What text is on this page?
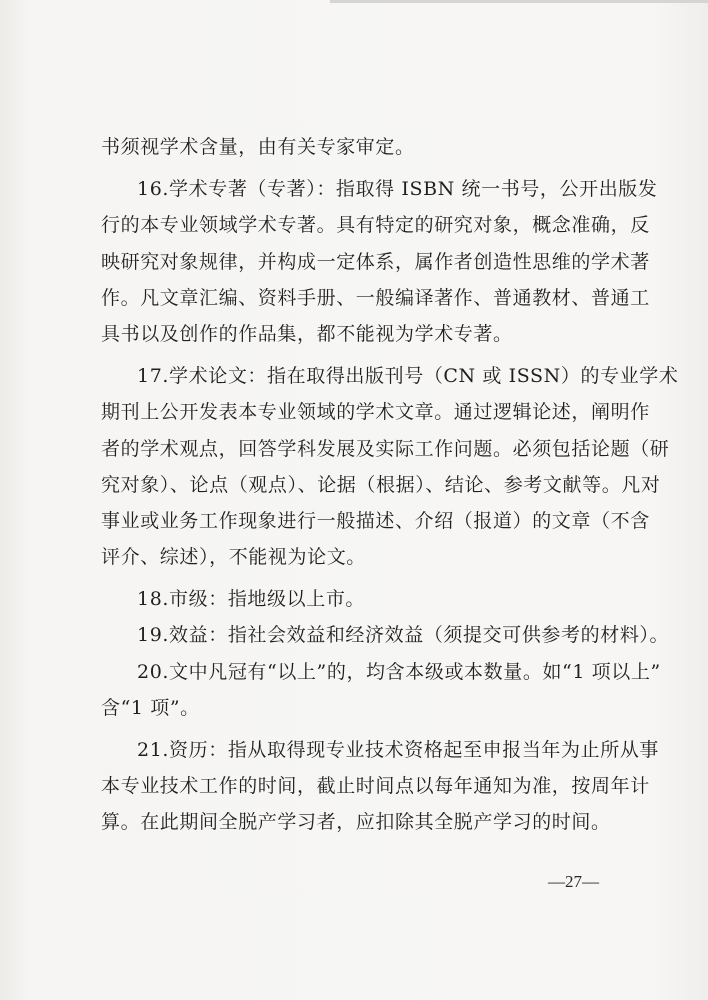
书须视学术含量，由有关专家审定。
16.学术专著（专著）：指取得 ISBN 统一书号，公开出版发
行的本专业领域学术专著。具有特定的研究对象，概念准确，反
映研究对象规律，并构成一定体系，属作者创造性思维的学术著
作。凡文章汇编、资料手册、一般编译著作、普通教材、普通工
具书以及创作的作品集，都不能视为学术专著。
17.学术论文：指在取得出版刊号（CN 或 ISSN）的专业学术
期刊上公开发表本专业领域的学术文章。通过逻辑论述，阐明作
者的学术观点，回答学科发展及实际工作问题。必须包括论题（研
究对象）、论点（观点）、论据（根据）、结论、参考文献等。凡对
事业或业务工作现象进行一般描述、介绍（报道）的文章（不含
评介、综述），不能视为论文。
18.市级：指地级以上市。
19.效益：指社会效益和经济效益（须提交可供参考的材料）。
20.文中凡冠有“以上”的，均含本级或本数量。如“1 项以上”
含“1 项”。
21.资历：指从取得现专业技术资格起至申报当年为止所从事
本专业技术工作的时间，截止时间点以每年通知为准，按周年计
算。在此期间全脱产学习者，应扣除其全脱产学习的时间。
—27—
